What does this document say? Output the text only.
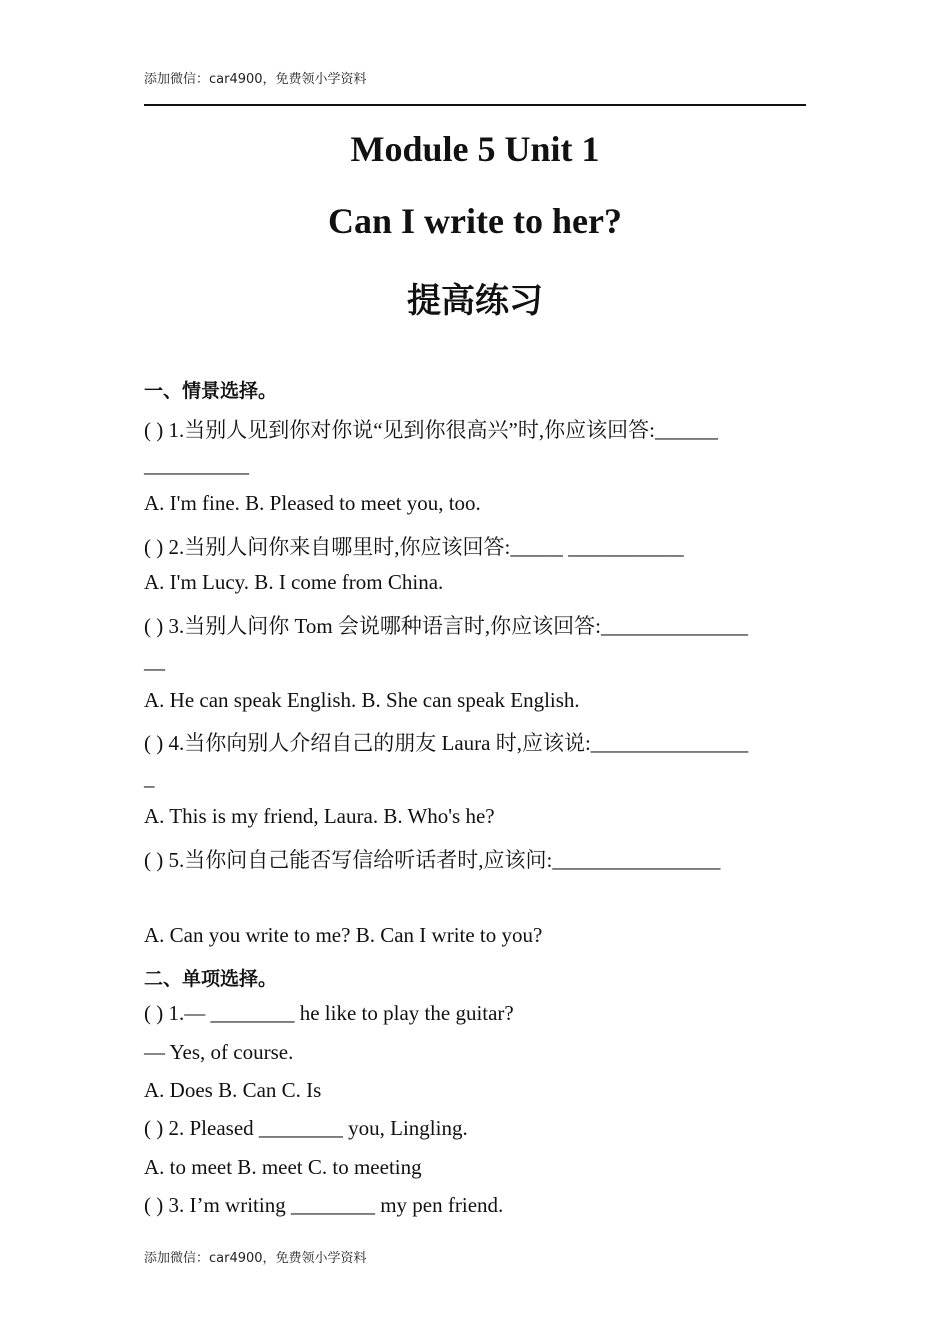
添加微信：car4900，免费领小学资料
Module 5 Unit 1
Can I write to her?
提高练习
一、情景选择。
( ) 1.当别人见到你对你说“见到你很高兴”时,你应该回答:______
__________
A. I'm fine. B. Pleased to meet you, too.
( ) 2.当别人问你来自哪里时,你应该回答:_____ ___________
A. I'm Lucy. B. I come from China.
( ) 3.当别人问你 Tom 会说哪种语言时,你应该回答:______________
__
A. He can speak English. B. She can speak English.
( ) 4.当你向别人介绍自己的朋友 Laura 时,应该说:_______________
_
A. This is my friend, Laura. B. Who's he?
( ) 5.当你问自己能否写信给听话者时,应该问:________________
A. Can you write to me? B. Can I write to you?
二、单项选择。
( ) 1.— ________ he like to play the guitar?
— Yes, of course.
A. Does B. Can C. Is
( ) 2. Pleased ________ you, Lingling.
A. to meet B. meet C. to meeting
( ) 3. I’m writing ________ my pen friend.
添加微信：car4900，免费领小学资料
